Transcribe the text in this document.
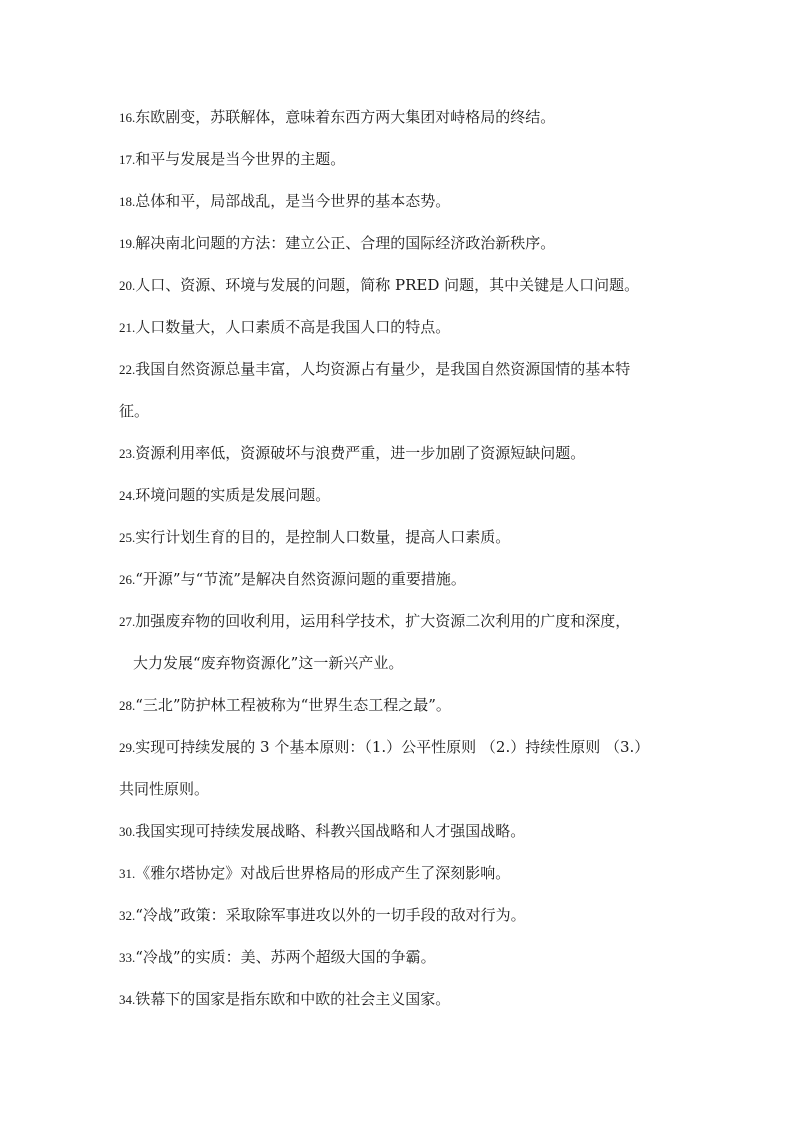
16.东欧剧变，苏联解体，意味着东西方两大集团对峙格局的终结。
17.和平与发展是当今世界的主题。
18.总体和平，局部战乱，是当今世界的基本态势。
19.解决南北问题的方法：建立公正、合理的国际经济政治新秩序。
20.人口、资源、环境与发展的问题，简称 PRED 问题，其中关键是人口问题。
21.人口数量大，人口素质不高是我国人口的特点。
22.我国自然资源总量丰富，人均资源占有量少，是我国自然资源国情的基本特
征。
23.资源利用率低，资源破坏与浪费严重，进一步加剧了资源短缺问题。
24.环境问题的实质是发展问题。
25.实行计划生育的目的，是控制人口数量，提高人口素质。
26.“开源”与“节流”是解决自然资源问题的重要措施。
27.加强废弃物的回收利用，运用科学技术，扩大资源二次利用的广度和深度，
大力发展“废弃物资源化”这一新兴产业。
28.“三北”防护林工程被称为“世界生态工程之最”。
29.实现可持续发展的 3 个基本原则：（1.）公平性原则 （2.）持续性原则 （3.）
共同性原则。
30.我国实现可持续发展战略、科教兴国战略和人才强国战略。
31.《雅尔塔协定》对战后世界格局的形成产生了深刻影响。
32.“冷战”政策：采取除军事进攻以外的一切手段的敌对行为。
33.“冷战”的实质：美、苏两个超级大国的争霸。
34.铁幕下的国家是指东欧和中欧的社会主义国家。
